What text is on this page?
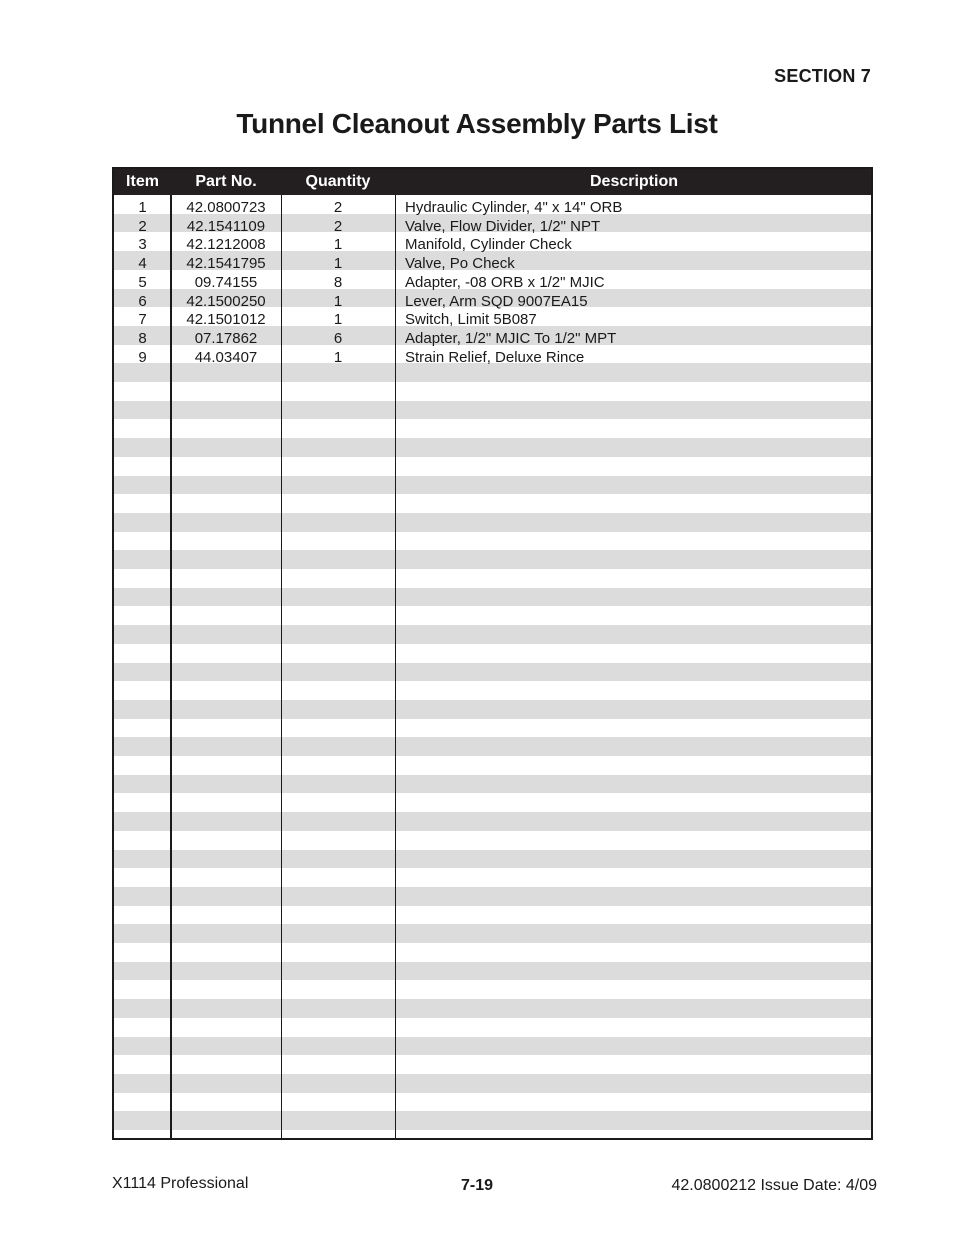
SECTION 7
Tunnel Cleanout Assembly Parts List
Item	Part No.	Quantity	Description
1	42.0800723	2	Hydraulic Cylinder, 4" x 14" ORB
2	42.1541109	2	Valve, Flow Divider, 1/2" NPT
3	42.1212008	1	Manifold, Cylinder Check
4	42.1541795	1	Valve, Po Check
5	09.74155	8	Adapter, -08 ORB x 1/2" MJIC
6	42.1500250	1	Lever, Arm SQD 9007EA15
7	42.1501012	1	Switch, Limit 5B087
8	07.17862	6	Adapter, 1/2" MJIC To 1/2" MPT
9	44.03407	1	Strain Relief, Deluxe Rince
X1114 Professional	7-19	42.0800212 Issue Date: 4/09
